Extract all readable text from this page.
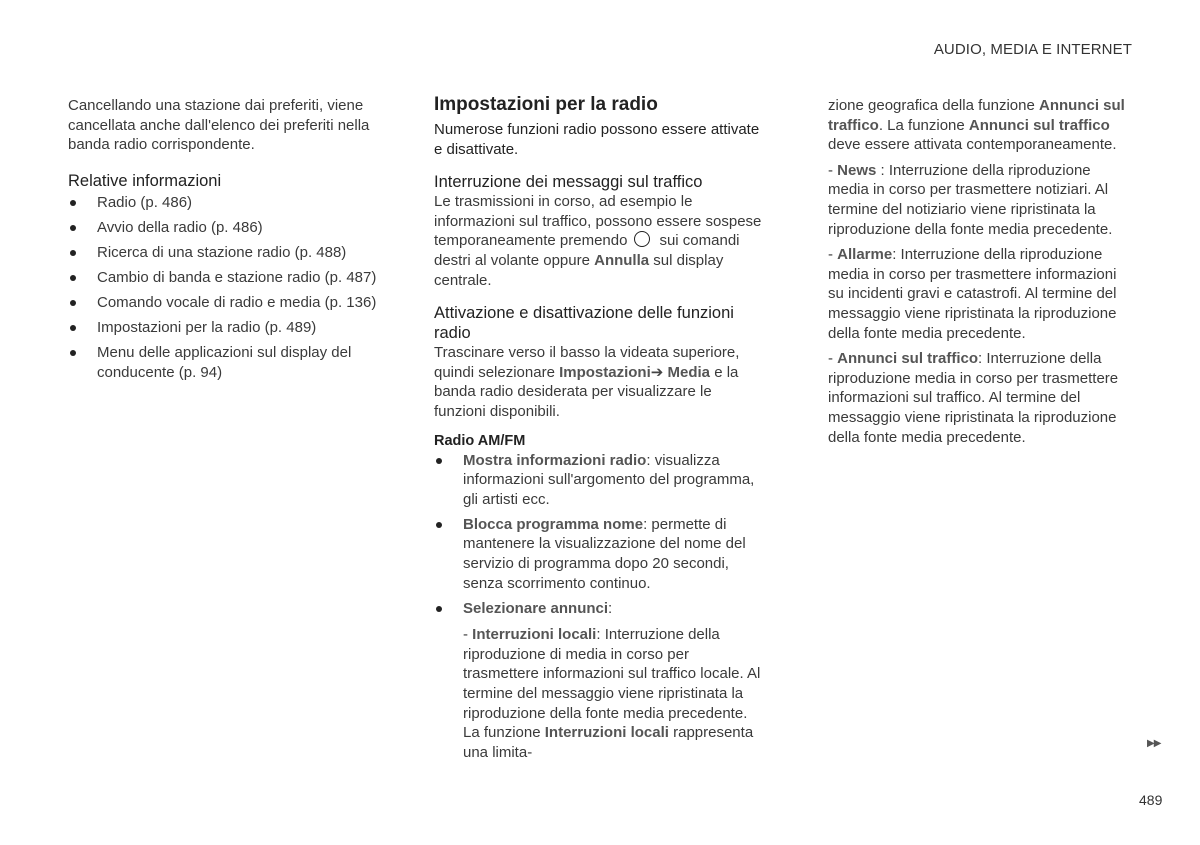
AUDIO, MEDIA E INTERNET

Cancellando una stazione dai preferiti, viene cancellata anche dall'elenco dei preferiti nella banda radio corrispondente.

Relative informazioni

Radio (p. 486)
Avvio della radio (p. 486)
Ricerca di una stazione radio (p. 488)
Cambio di banda e stazione radio (p. 487)
Comando vocale di radio e media (p. 136)
Impostazioni per la radio (p. 489)
Menu delle applicazioni sul display del conducente (p. 94)

Impostazioni per la radio

Numerose funzioni radio possono essere attivate e disattivate.

Interruzione dei messaggi sul traffico

Le trasmissioni in corso, ad esempio le informazioni sul traffico, possono essere sospese temporaneamente premendo sui comandi destri al volante oppure Annulla sul display centrale.

Attivazione e disattivazione delle funzioni radio

Trascinare verso il basso la videata superiore, quindi selezionare Impostazioni➔ Media e la banda radio desiderata per visualizzare le funzioni disponibili.

Radio AM/FM

Mostra informazioni radio: visualizza informazioni sull'argomento del programma, gli artisti ecc.
Blocca programma nome: permette di mantenere la visualizzazione del nome del servizio di programma dopo 20 secondi, senza scorrimento continuo.
Selezionare annunci:

- Interruzioni locali: Interruzione della riproduzione di media in corso per trasmettere informazioni sul traffico locale. Al termine del messaggio viene ripristinata la riproduzione della fonte media precedente. La funzione Interruzioni locali rappresenta una limita-

zione geografica della funzione Annunci sul traffico. La funzione Annunci sul traffico deve essere attivata contemporaneamente.

- News : Interruzione della riproduzione media in corso per trasmettere notiziari. Al termine del notiziario viene ripristinata la riproduzione della fonte media precedente.

- Allarme: Interruzione della riproduzione media in corso per trasmettere informazioni su incidenti gravi e catastrofi. Al termine del messaggio viene ripristinata la riproduzione della fonte media precedente.

- Annunci sul traffico: Interruzione della riproduzione media in corso per trasmettere informazioni sul traffico. Al termine del messaggio viene ripristinata la riproduzione della fonte media precedente.

▶▶
489
